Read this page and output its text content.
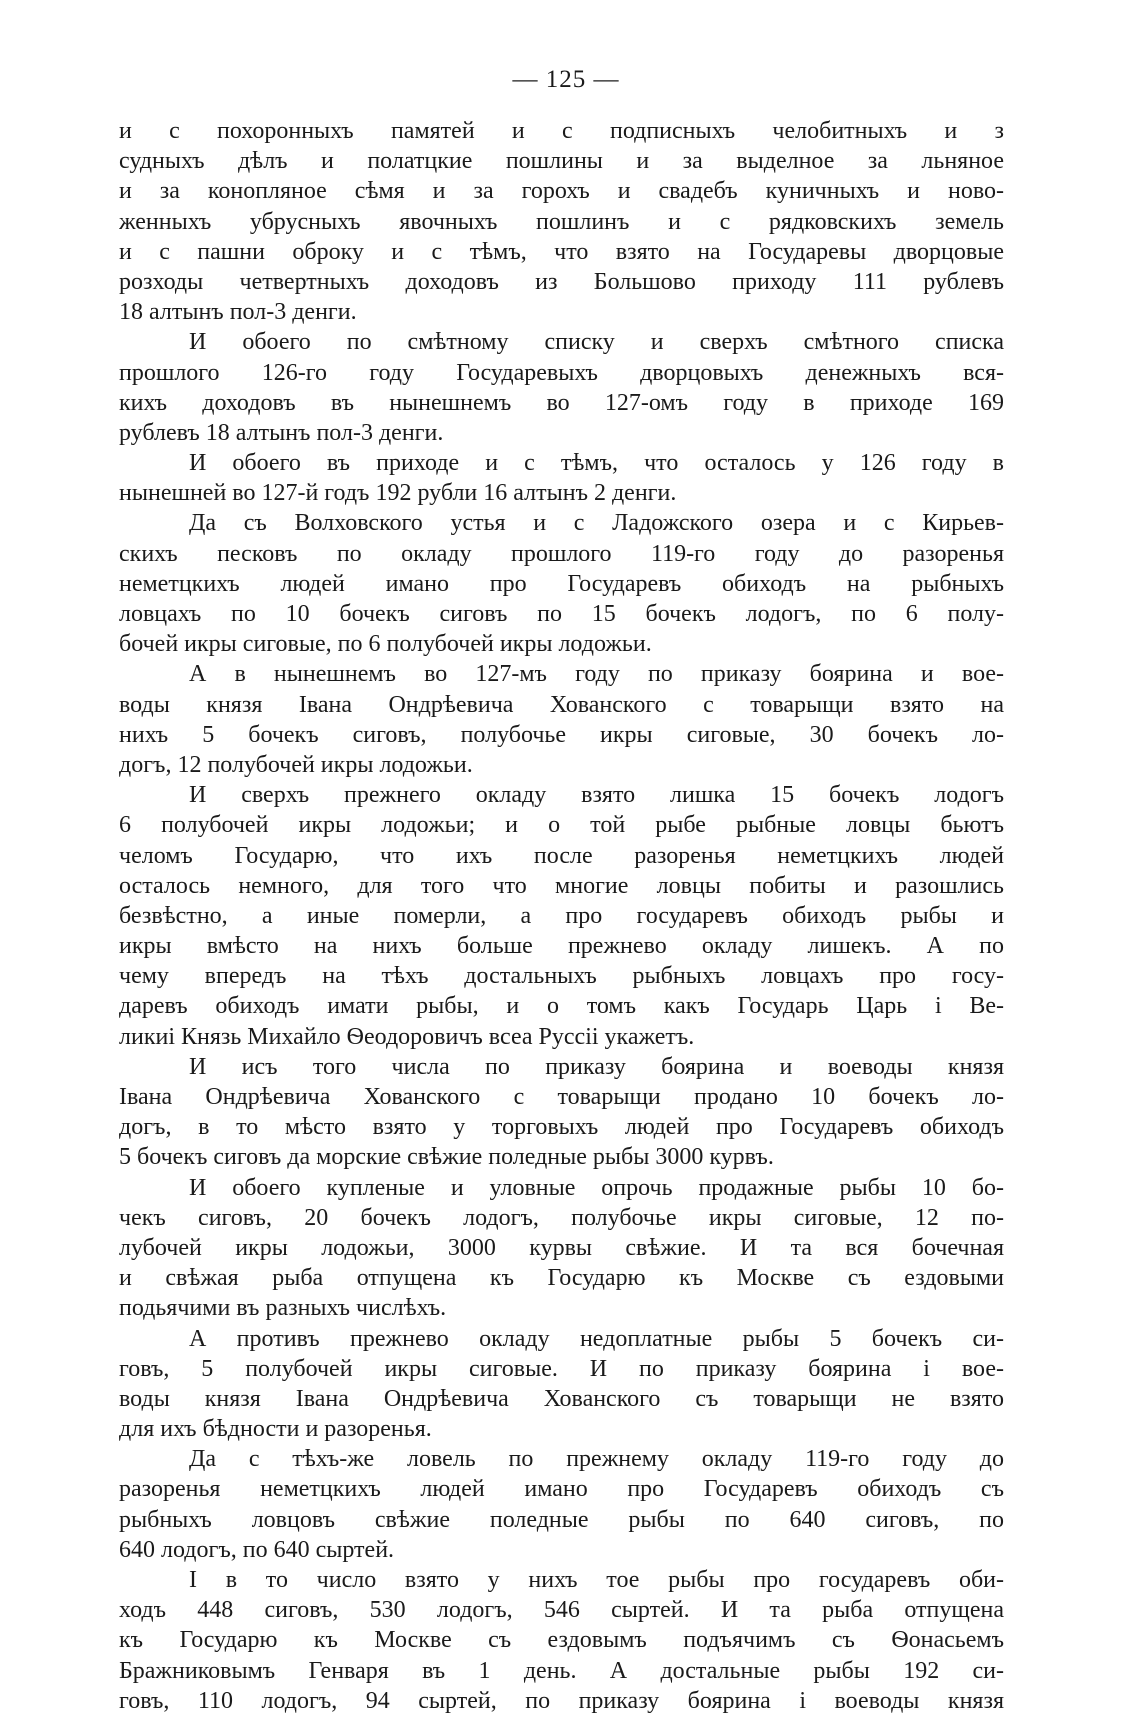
— 125 —
и с похоронныхъ памятей и с подписныхъ челобитныхъ и з
судныхъ дѣлъ и полатцкие пошлины и за выделное за льняное
и за конопляное сѣмя и за горохъ и свадебъ куничныхъ и ново-
женныхъ убрусныхъ явочныхъ пошлинъ и с рядковскихъ земель
и с пашни оброку и с тѣмъ, что взято на Государевы дворцовые
розходы четвертныхъ доходовъ из Большово приходу 111 рублевъ
18 алтынъ пол-3 денги.
И обоего по смѣтному списку и сверхъ смѣтного списка
прошлого 126-го году Государевыхъ дворцовыхъ денежныхъ вся-
кихъ доходовъ въ нынешнемъ во 127-омъ году в приходе 169
рублевъ 18 алтынъ пол-3 денги.
И обоего въ приходе и с тѣмъ, что осталось у 126 году в
нынешней во 127-й годъ 192 рубли 16 алтынъ 2 денги.
Да съ Волховского устья и с Ладожского озера и с Кирьев-
скихъ песковъ по окладу прошлого 119-го году до разоренья
неметцкихъ людей имано про Государевъ обиходъ на рыбныхъ
ловцахъ по 10 бочекъ сиговъ по 15 бочекъ лодогъ, по 6 полу-
бочей икры сиговые, по 6 полубочей икры лодожьи.
А в нынешнемъ во 127-мъ году по приказу боярина и вое-
воды князя Івана Ондрѣевича Хованского с товарыщи взято на
нихъ 5 бочекъ сиговъ, полубочье икры сиговые, 30 бочекъ ло-
догъ, 12 полубочей икры лодожьи.
И сверхъ прежнего окладу взято лишка 15 бочекъ лодогъ
6 полубочей икры лодожьи; и о той рыбе рыбные ловцы бьютъ
челомъ Государю, что ихъ после разоренья неметцкихъ людей
осталось немного, для того что многие ловцы побиты и разошлись
безвѣстно, а иные померли, а про государевъ обиходъ рыбы и
икры вмѣсто на нихъ больше прежнево окладу лишекъ. А по
чему впередъ на тѣхъ достальныхъ рыбныхъ ловцахъ про госу-
даревъ обиходъ имати рыбы, и о томъ какъ Государь Царь і Ве-
ликиі Князь Михайло Ѳеодоровичъ всеа Руссіі укажетъ.
И исъ того числа по приказу боярина и воеводы князя
Івана Ондрѣевича Хованского с товарыщи продано 10 бочекъ ло-
догъ, в то мѣсто взято у торговыхъ людей про Государевъ обиходъ
5 бочекъ сиговъ да морские свѣжие поледные рыбы 3000 курвъ.
И обоего купленые и уловные опрочь продажные рыбы 10 бо-
чекъ сиговъ, 20 бочекъ лодогъ, полубочье икры сиговые, 12 по-
лубочей икры лодожьи, 3000 курвы свѣжие. И та вся бочечная
и свѣжая рыба отпущена къ Государю къ Москве съ ездовыми
подьячими въ разныхъ числѣхъ.
А противъ прежнево окладу недоплатные рыбы 5 бочекъ си-
говъ, 5 полубочей икры сиговые. И по приказу боярина і вое-
воды князя Івана Ондрѣевича Хованского съ товарыщи не взято
для ихъ бѣдности и разоренья.
Да с тѣхъ-же ловель по прежнему окладу 119-го году до
разоренья неметцкихъ людей имано про Государевъ обиходъ съ
рыбныхъ ловцовъ свѣжие поледные рыбы по 640 сиговъ, по
640 лодогъ, по 640 сыртей.
І в то число взято у нихъ тое рыбы про государевъ оби-
ходъ 448 сиговъ, 530 лодогъ, 546 сыртей. И та рыба отпущена
къ Государю къ Москве съ ездовымъ подъячимъ съ Ѳонасьемъ
Бражниковымъ Генваря въ 1 день. А достальные рыбы 192 си-
говъ, 110 лодогъ, 94 сыртей, по приказу боярина і воеводы князя
